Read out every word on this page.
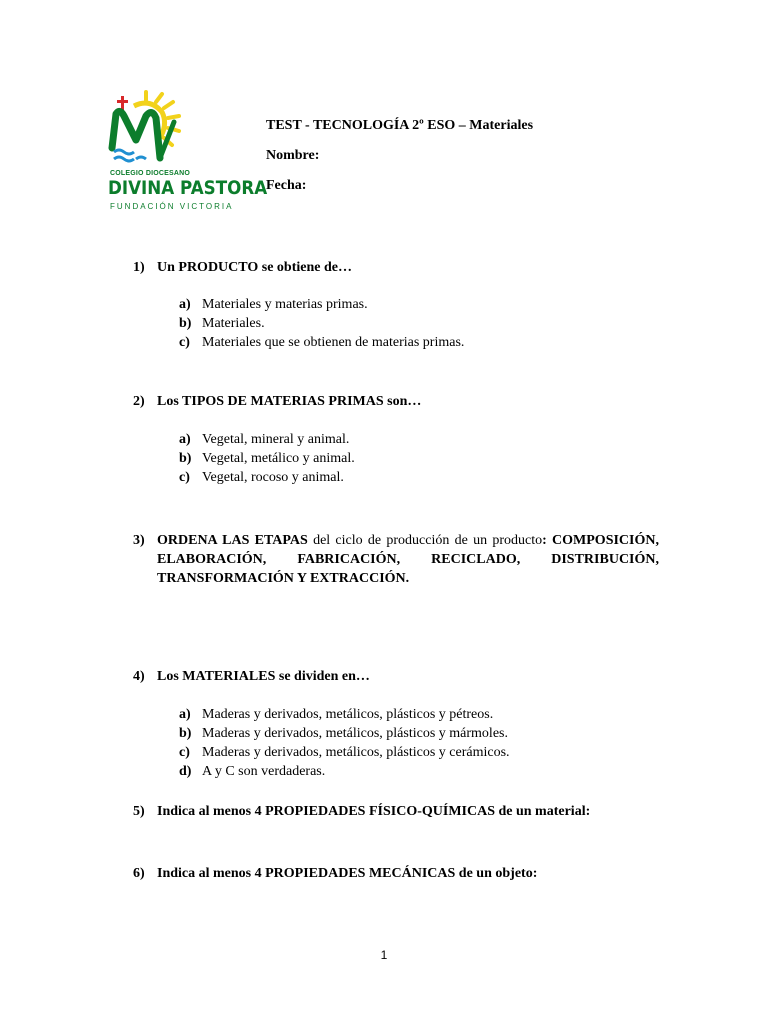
COLEGIO DIOCESANO
DIVINA PASTORA
FUNDACIÓN VICTORIA
TEST - TECNOLOGÍA 2º ESO – Materiales
Nombre:
Fecha:
1) Un PRODUCTO se obtiene de…
a) Materiales y materias primas.
b) Materiales.
c) Materiales que se obtienen de materias primas.
2) Los TIPOS DE MATERIAS PRIMAS son…
a) Vegetal, mineral y animal.
b) Vegetal, metálico y animal.
c) Vegetal, rocoso y animal.
3) ORDENA LAS ETAPAS del ciclo de producción de un producto: COMPOSICIÓN, ELABORACIÓN, FABRICACIÓN, RECICLADO, DISTRIBUCIÓN, TRANSFORMACIÓN Y EXTRACCIÓN.
4) Los MATERIALES se dividen en…
a) Maderas y derivados, metálicos, plásticos y pétreos.
b) Maderas y derivados, metálicos, plásticos y mármoles.
c) Maderas y derivados, metálicos, plásticos y cerámicos.
d) A y C son verdaderas.
5) Indica al menos 4 PROPIEDADES FÍSICO-QUÍMICAS de un material:
6) Indica al menos 4 PROPIEDADES MECÁNICAS de un objeto:
1
